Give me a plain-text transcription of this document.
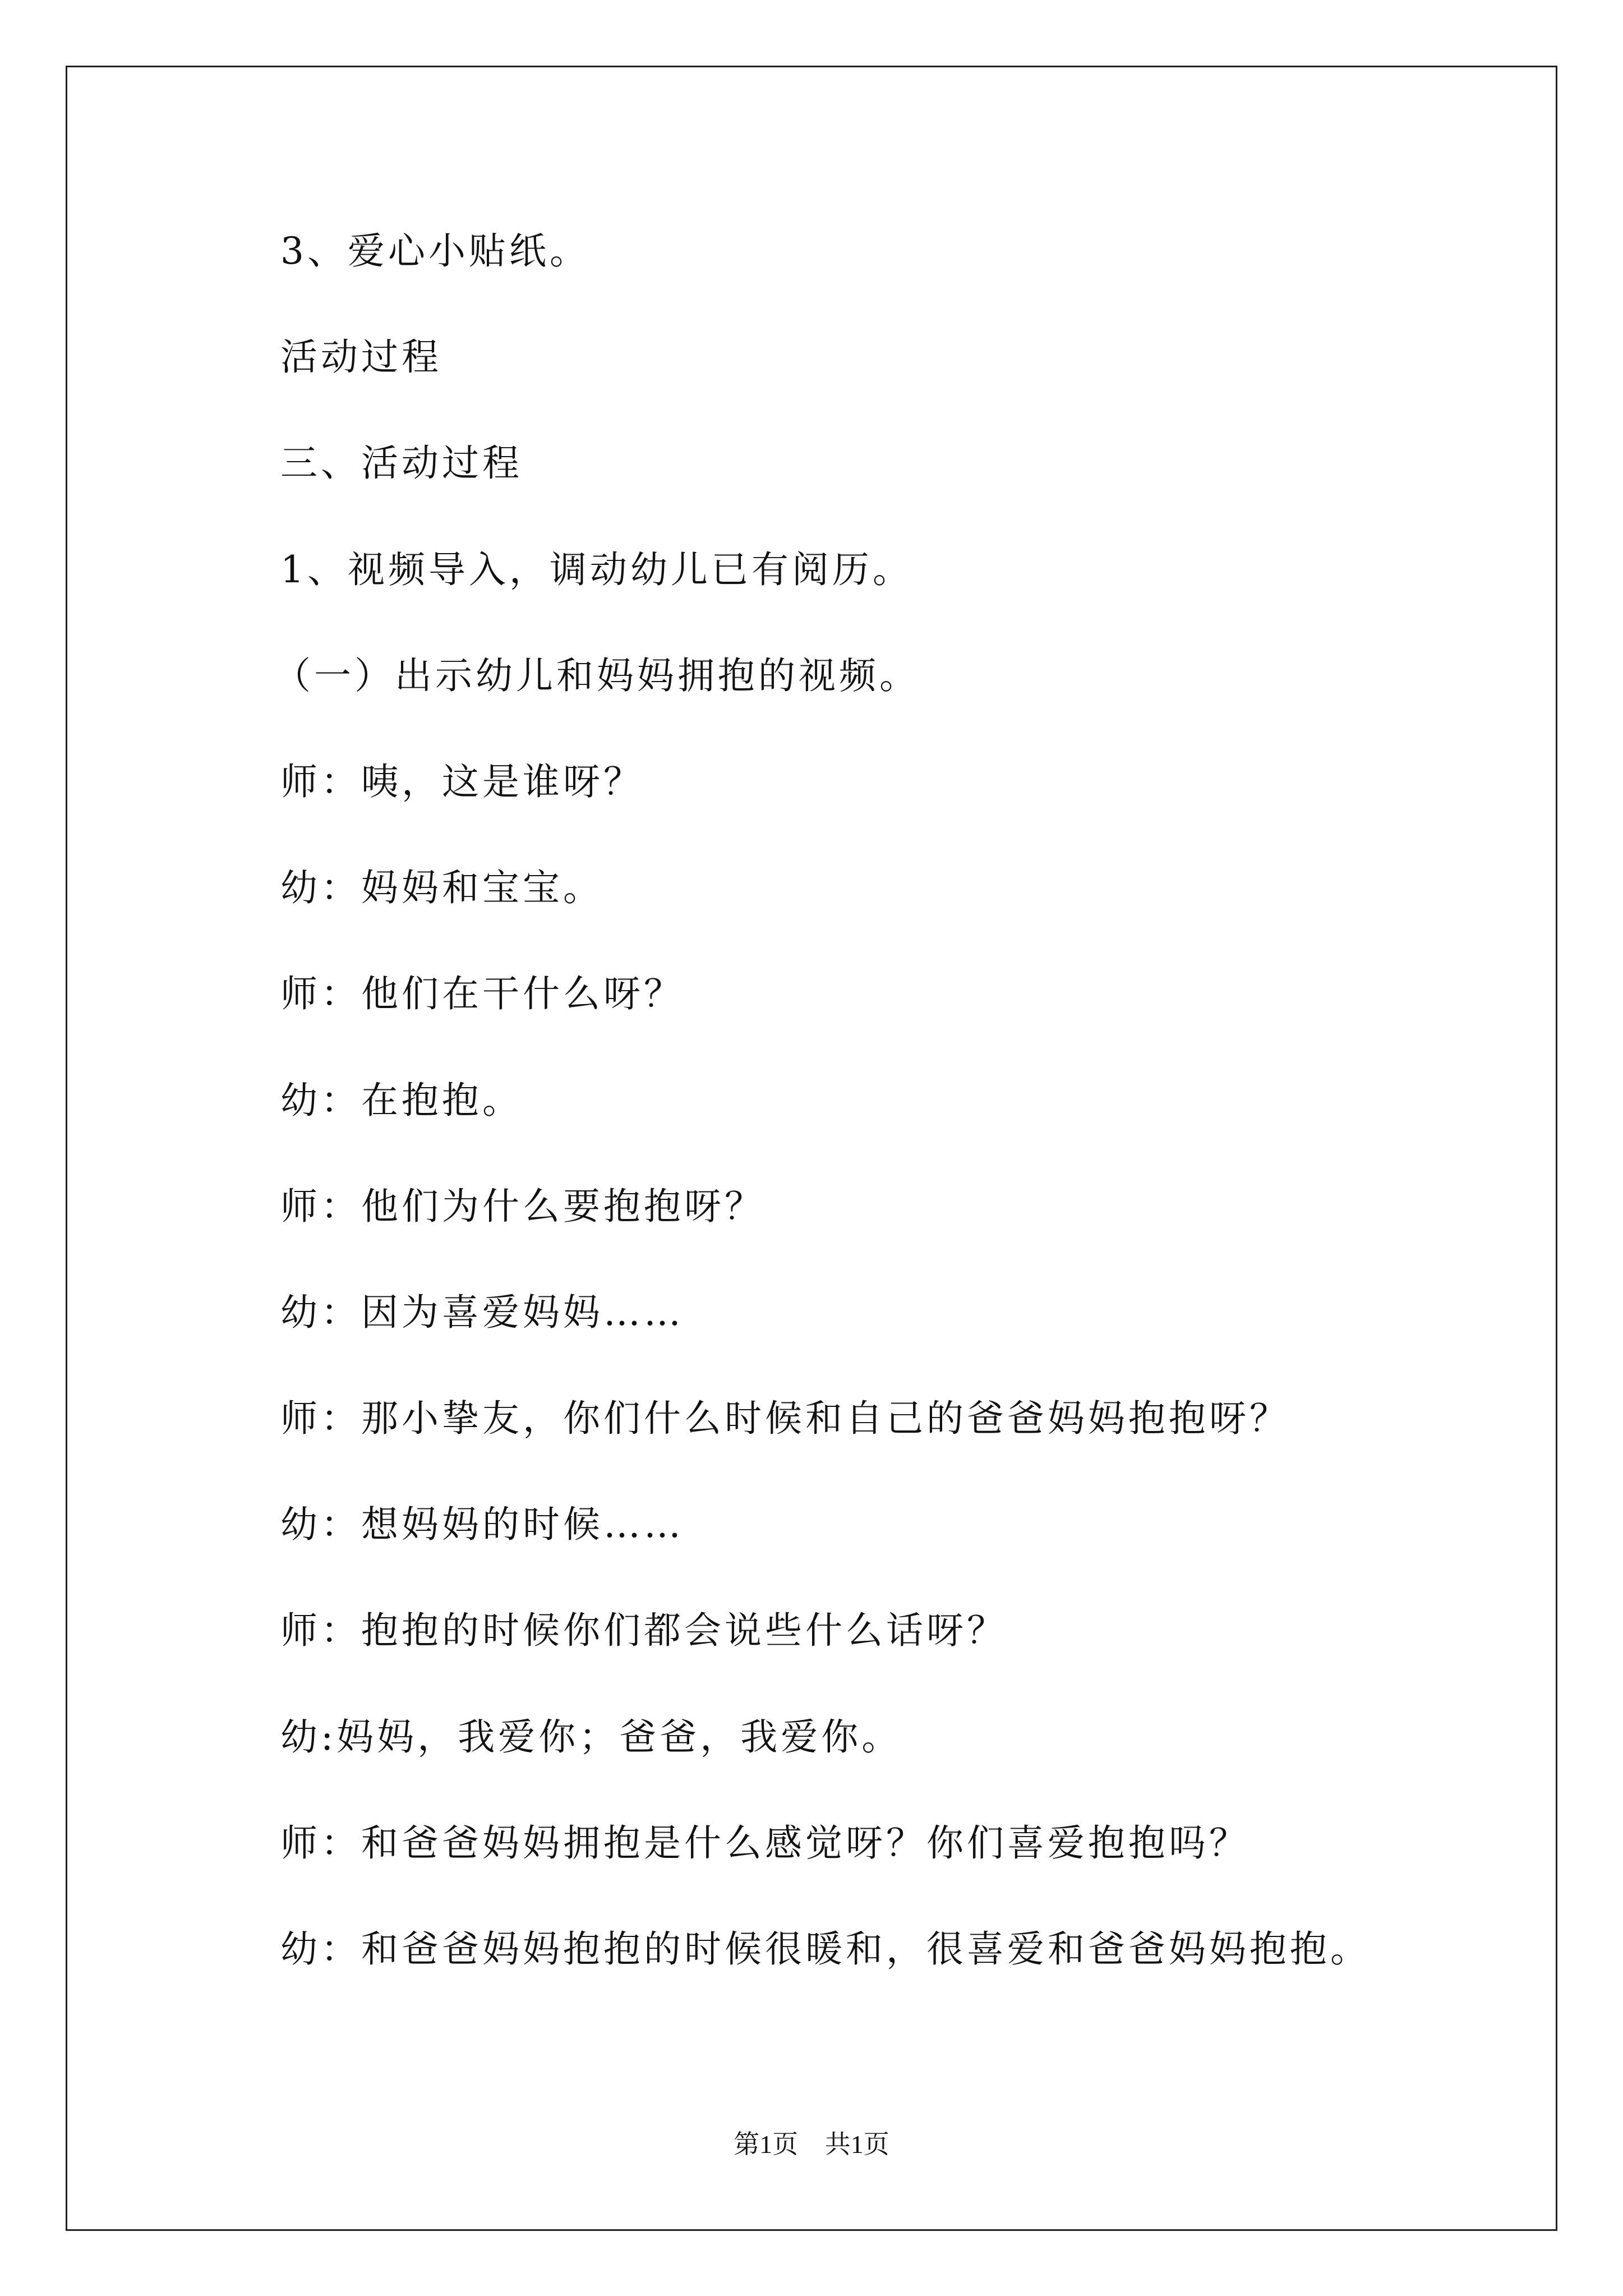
3、爱心小贴纸。
活动过程
三、活动过程
1、视频导入，调动幼儿已有阅历。
（一）出示幼儿和妈妈拥抱的视频。
师：咦，这是谁呀？
幼：妈妈和宝宝。
师：他们在干什么呀？
幼：在抱抱。
师：他们为什么要抱抱呀？
幼：因为喜爱妈妈……
师：那小挚友，你们什么时候和自己的爸爸妈妈抱抱呀？
幼：想妈妈的时候……
师：抱抱的时候你们都会说些什么话呀？
幼:妈妈，我爱你；爸爸，我爱你。
师：和爸爸妈妈拥抱是什么感觉呀？你们喜爱抱抱吗？
幼：和爸爸妈妈抱抱的时候很暖和，很喜爱和爸爸妈妈抱抱。
第1页 共1页
